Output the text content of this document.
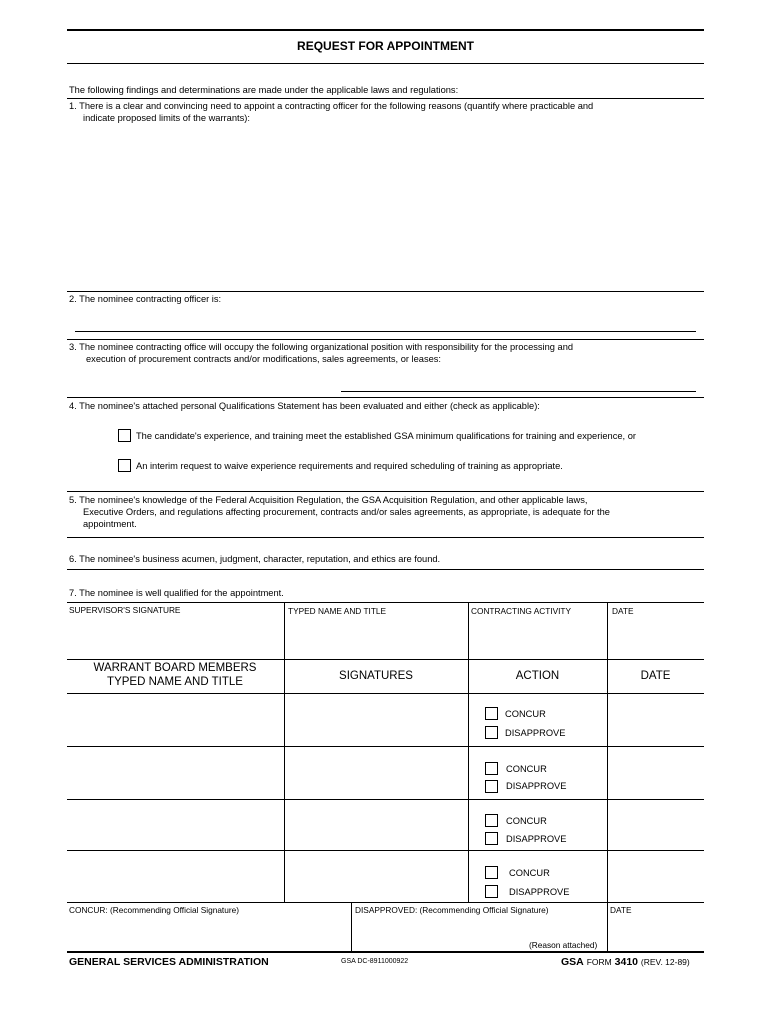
REQUEST FOR APPOINTMENT
The following findings and determinations are made under the applicable laws and regulations:
1. There is a clear and convincing need to appoint a contracting officer for the following reasons (quantify where practicable and
indicate proposed limits of the warrants):
2. The nominee contracting officer is:
3. The nominee contracting office will occupy the following organizational position with responsibility for the processing and
execution of procurement contracts and/or modifications, sales agreements, or leases:
4. The nominee's attached personal Qualifications Statement has been evaluated and either (check as applicable):
The candidate's experience, and training meet the established GSA minimum qualifications for training and experience, or
An interim request to waive experience requirements and required scheduling of training as appropriate.
5. The nominee's knowledge of the Federal Acquisition Regulation, the GSA Acquisition Regulation, and other applicable laws,
Executive Orders, and regulations affecting procurement, contracts and/or sales agreements, as appropriate, is adequate for the
appointment.
6. The nominee's business acumen, judgment, character, reputation, and ethics are found.
7. The nominee is well qualified for the appointment.
SUPERVISOR'S SIGNATURE	TYPED NAME AND TITLE	CONTRACTING ACTIVITY	DATE
WARRANT BOARD MEMBERS
TYPED NAME AND TITLE	SIGNATURES	ACTION	DATE
CONCUR
DISAPPROVE
CONCUR
DISAPPROVE
CONCUR
DISAPPROVE
CONCUR
DISAPPROVE
CONCUR: (Recommending Official Signature)	DISAPPROVED: (Recommending Official Signature)	DATE
(Reason attached)
GENERAL SERVICES ADMINISTRATION	GSA DC-8911000922	GSA FORM 3410 (REV. 12-89)
